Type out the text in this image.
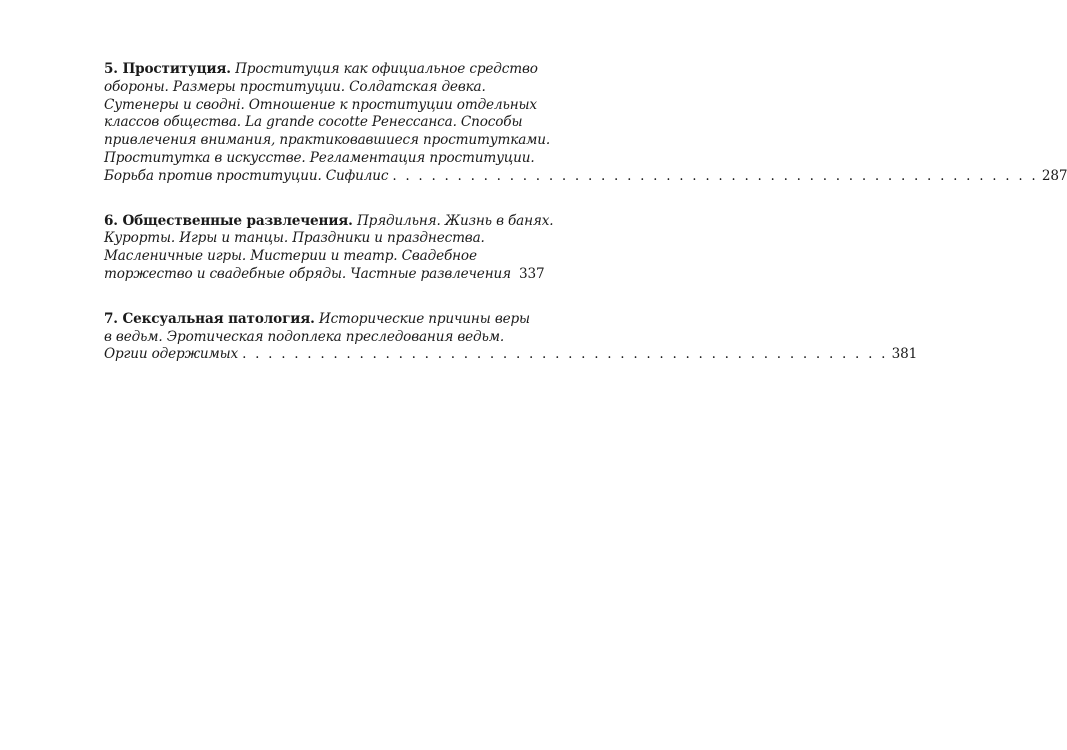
5. Проституция. Проституция как официальное средство
обороны. Размеры проституции. Солдатская девка.
Сутенеры и своднi. Отношение к проституции отдельных
классов общества. La grande cocotte Ренессанса. Способы
привлечения внимания, практиковавшиеся проститутками.
Проститутка в искусстве. Регламентация проституции.
Борьба против проституции. Сифилис . . . . . . . . . . . . . . . . . . . . . . . . . . . . . . . . . . . . . . . . . . . . . . . . . . 287
6. Общественные развлечения. Прядильня. Жизнь в банях.
Курорты. Игры и танцы. Праздники и празднества.
Масленичные игры. Мистерии и театр. Свадебное
торжество и свадебные обряды. Частные развлечения 337
7. Сексуальная патология. Исторические причины веры
в ведьм. Эротическая подоплека преследования ведьм.
Оргии одержимых . . . . . . . . . . . . . . . . . . . . . . . . . . . . . . . . . . . . . . . . . . . . . . . . . . 381
